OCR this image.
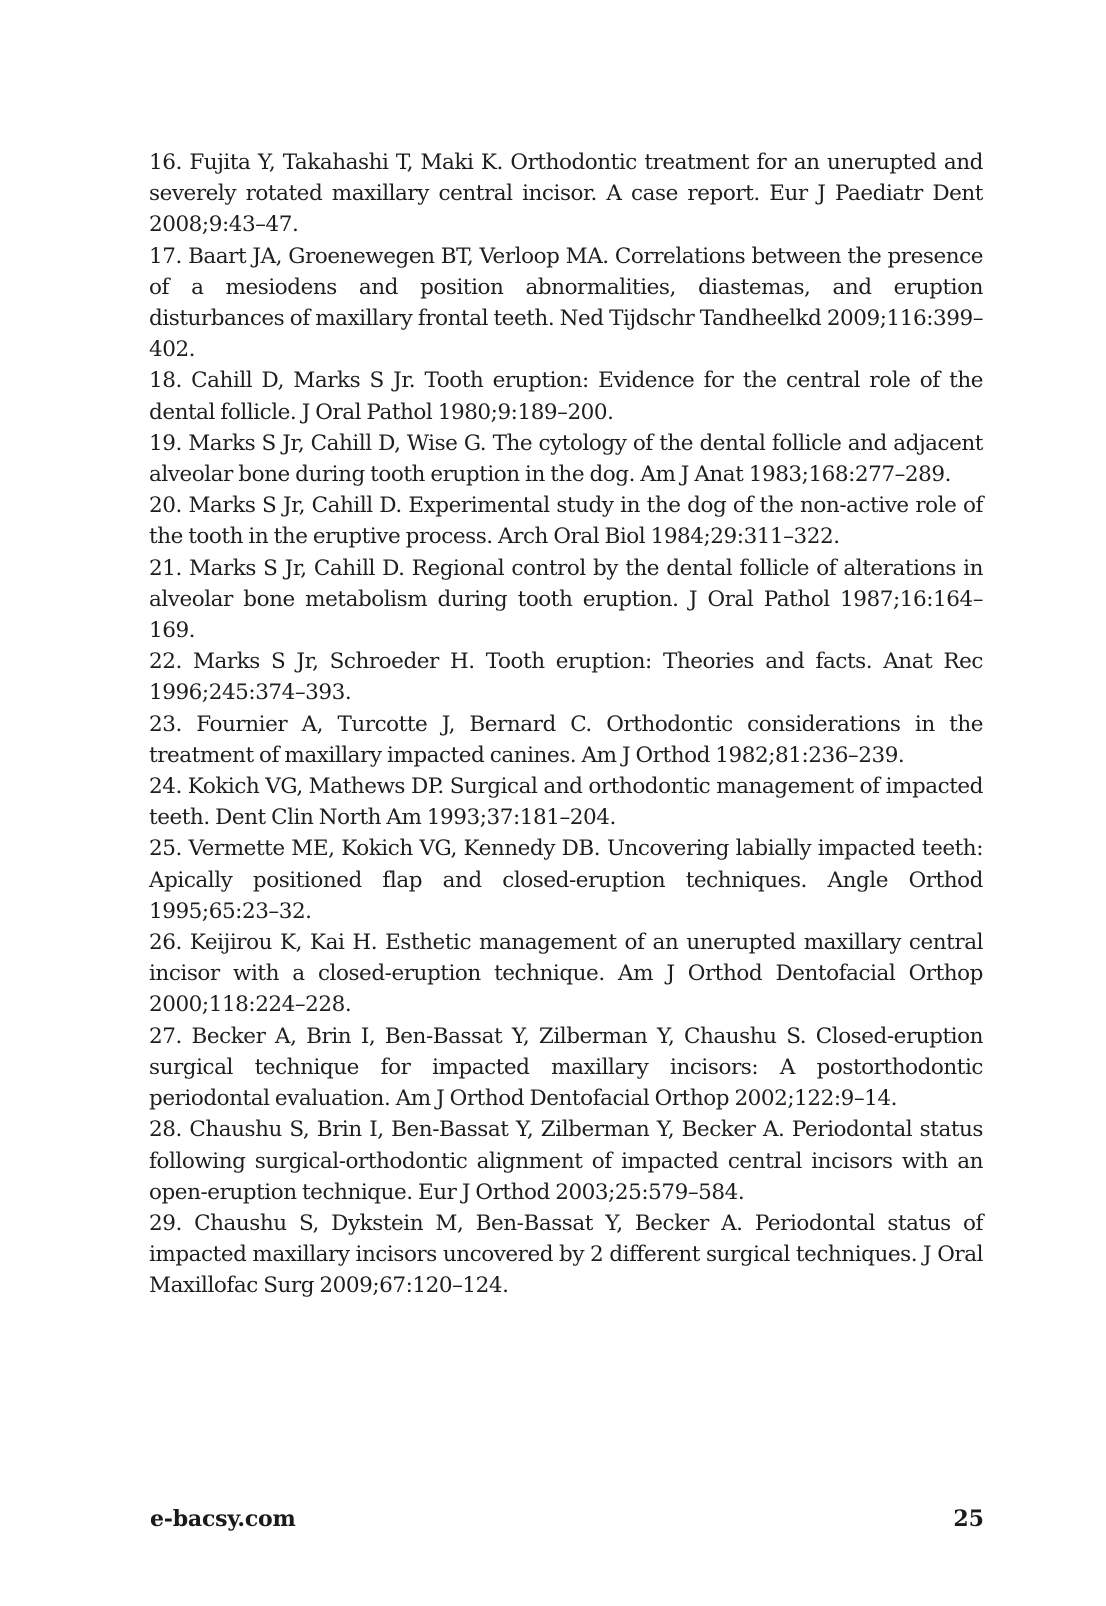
16. Fujita Y, Takahashi T, Maki K. Orthodontic treatment for an unerupted and severely rotated maxillary central incisor. A case report. Eur J Paediatr Dent 2008;9:43–47.
17. Baart JA, Groenewegen BT, Verloop MA. Correlations between the presence of a mesiodens and position abnormalities, diastemas, and eruption disturbances of maxillary frontal teeth. Ned Tijdschr Tandheelkd 2009;116:399–402.
18. Cahill D, Marks S Jr. Tooth eruption: Evidence for the central role of the dental follicle. J Oral Pathol 1980;9:189–200.
19. Marks S Jr, Cahill D, Wise G. The cytology of the dental follicle and adjacent alveolar bone during tooth eruption in the dog. Am J Anat 1983;168:277–289.
20. Marks S Jr, Cahill D. Experimental study in the dog of the non-active role of the tooth in the eruptive process. Arch Oral Biol 1984;29:311–322.
21. Marks S Jr, Cahill D. Regional control by the dental follicle of alterations in alveolar bone metabolism during tooth eruption. J Oral Pathol 1987;16:164–169.
22. Marks S Jr, Schroeder H. Tooth eruption: Theories and facts. Anat Rec 1996;245:374–393.
23. Fournier A, Turcotte J, Bernard C. Orthodontic considerations in the treatment of maxillary impacted canines. Am J Orthod 1982;81:236–239.
24. Kokich VG, Mathews DP. Surgical and orthodontic management of impacted teeth. Dent Clin North Am 1993;37:181–204.
25. Vermette ME, Kokich VG, Kennedy DB. Uncovering labially impacted teeth: Apically positioned flap and closed-eruption techniques. Angle Orthod 1995;65:23–32.
26. Keijirou K, Kai H. Esthetic management of an unerupted maxillary central incisor with a closed-eruption technique. Am J Orthod Dentofacial Orthop 2000;118:224–228.
27. Becker A, Brin I, Ben-Bassat Y, Zilberman Y, Chaushu S. Closed-eruption surgical technique for impacted maxillary incisors: A postorthodontic periodontal evaluation. Am J Orthod Dentofacial Orthop 2002;122:9–14.
28. Chaushu S, Brin I, Ben-Bassat Y, Zilberman Y, Becker A. Periodontal status following surgical-orthodontic alignment of impacted central incisors with an open-eruption technique. Eur J Orthod 2003;25:579–584.
29. Chaushu S, Dykstein M, Ben-Bassat Y, Becker A. Periodontal status of impacted maxillary incisors uncovered by 2 different surgical techniques. J Oral Maxillofac Surg 2009;67:120–124.
e-bacsy.com	25
